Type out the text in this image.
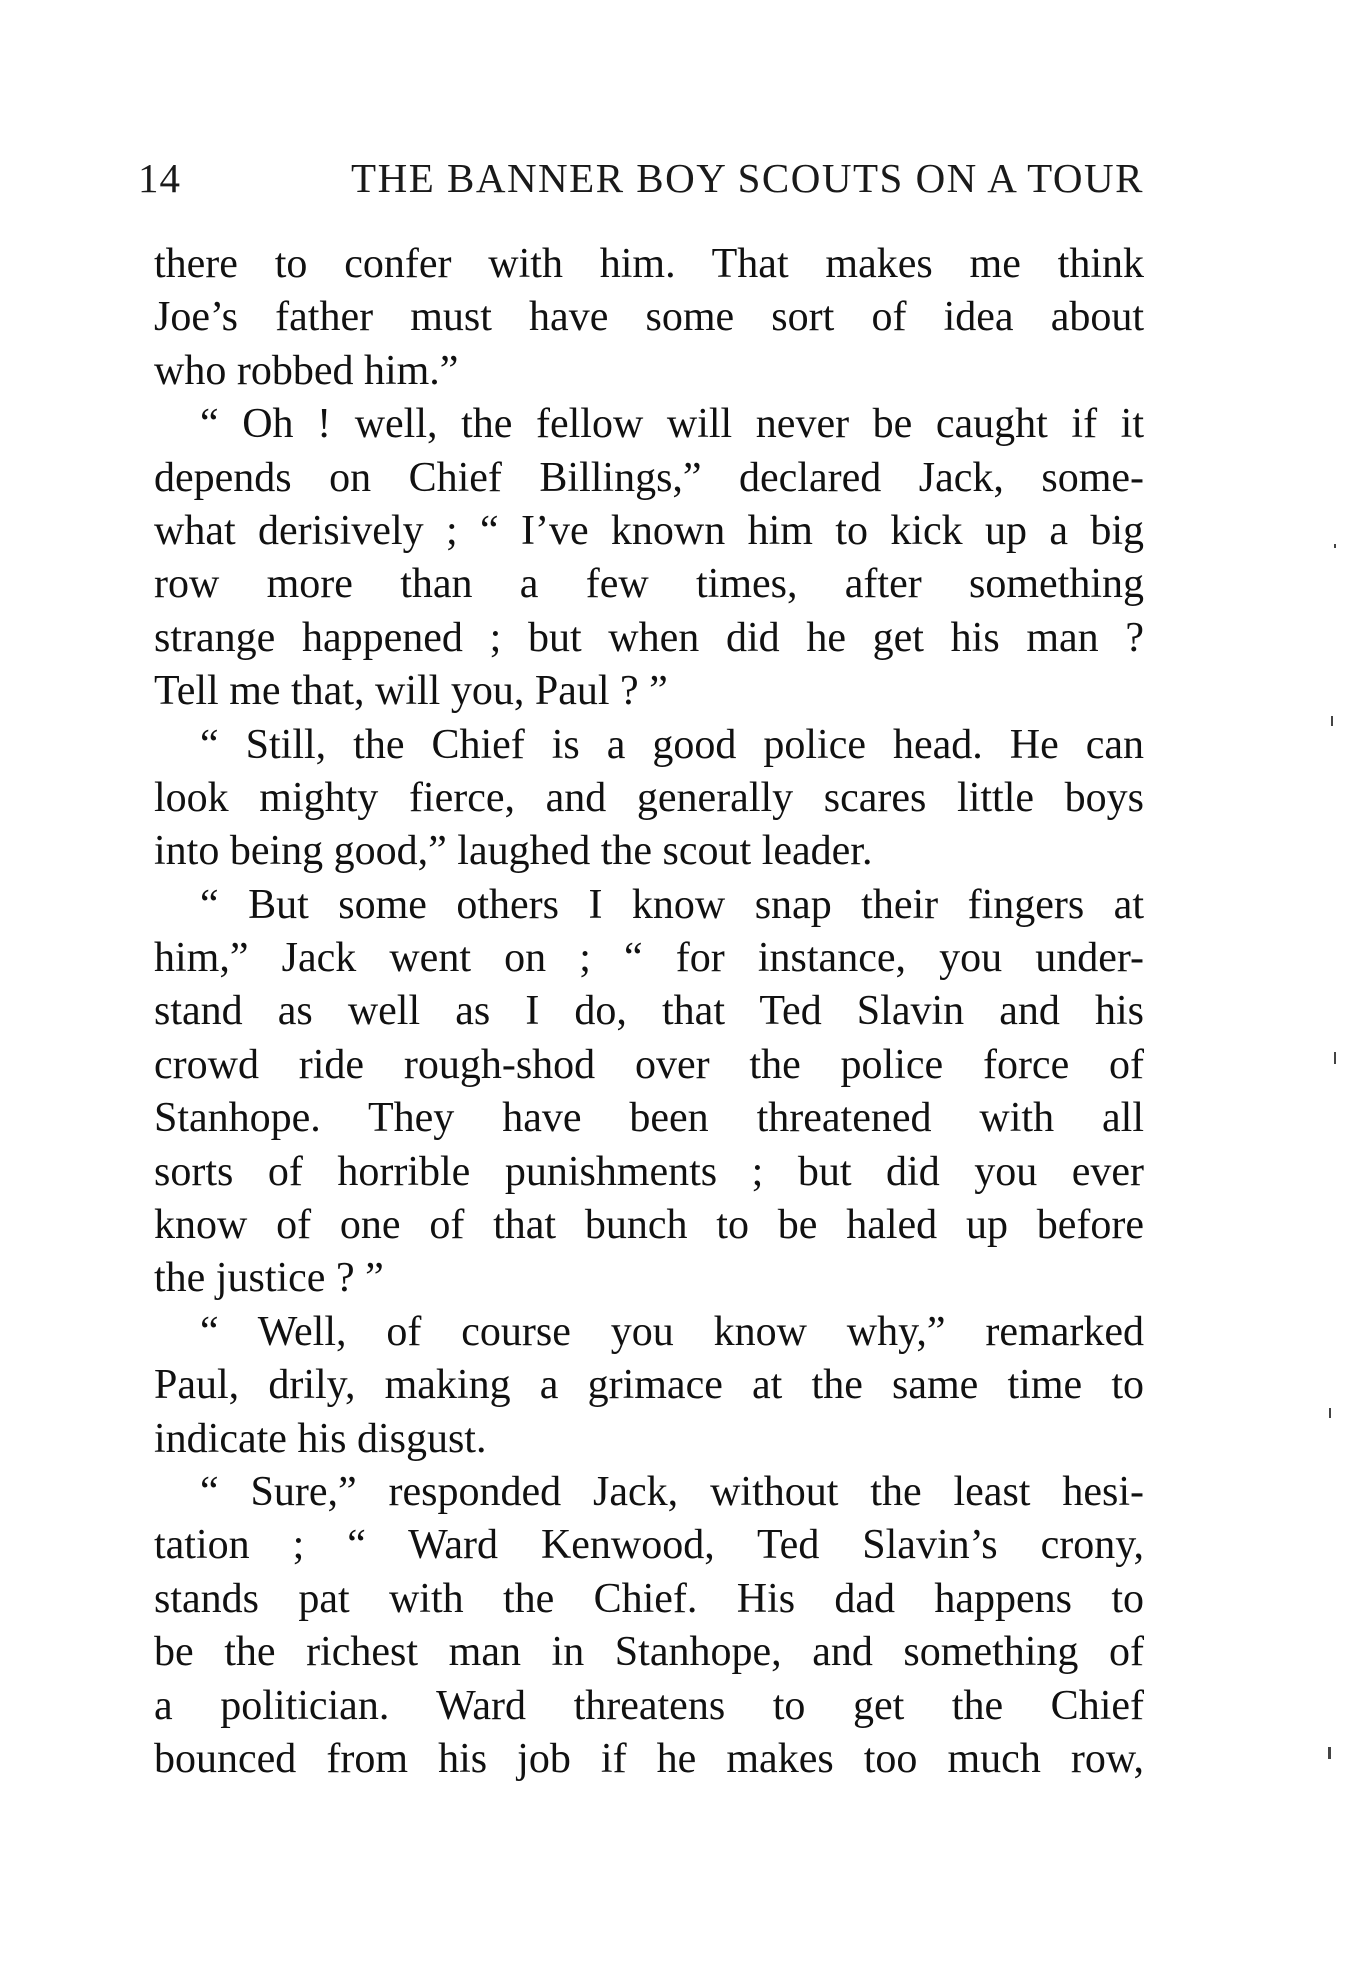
14	THE BANNER BOY SCOUTS ON A TOUR
there to confer with him. That makes me think
Joe’s father must have some sort of idea about
who robbed him.”
“ Oh ! well, the fellow will never be caught if it
depends on Chief Billings,” declared Jack, some-
what derisively ; “ I’ve known him to kick up a big
row more than a few times, after something
strange happened ; but when did he get his man ?
Tell me that, will you, Paul ? ”
“ Still, the Chief is a good police head. He can
look mighty fierce, and generally scares little boys
into being good,” laughed the scout leader.
“ But some others I know snap their fingers at
him,” Jack went on ; “ for instance, you under-
stand as well as I do, that Ted Slavin and his
crowd ride rough-shod over the police force of
Stanhope. They have been threatened with all
sorts of horrible punishments ; but did you ever
know of one of that bunch to be haled up before
the justice ? ”
“ Well, of course you know why,” remarked
Paul, drily, making a grimace at the same time to
indicate his disgust.
“ Sure,” responded Jack, without the least hesi-
tation ; “ Ward Kenwood, Ted Slavin’s crony,
stands pat with the Chief. His dad happens to
be the richest man in Stanhope, and something of
a politician. Ward threatens to get the Chief
bounced from his job if he makes too much row,
